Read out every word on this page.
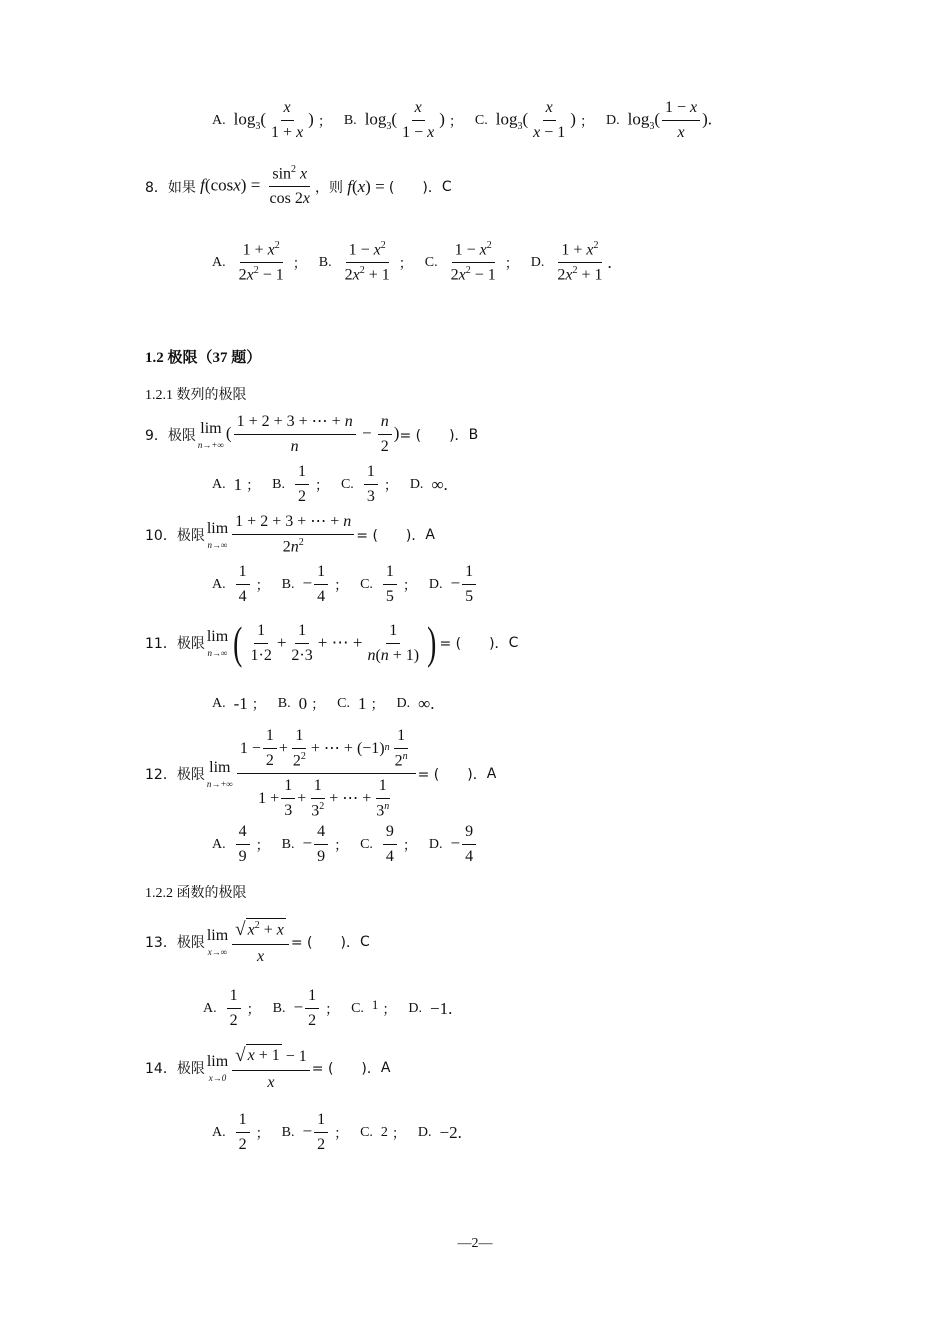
A. $\log_3( \frac{x}{1 + x}$ ) ； B. $\log_3( \frac{x}{1 - x}$ ) ； C. $\log_3( \frac{x}{x - 1}$ ) ； D. $\log_3( \frac{1 - x}{x}$ ).
8． 如果 $f(\cos x) = \frac{\sin^2 x}{\cos 2x}$ ，则 f(x) = (　　)． C
A.
$1 + x^2$
$2x^2 - 1$
； B.
$1 - x^2$
$2x^2 + 1$
； C.
$1 - x^2$
$2x^2 - 1$
； D.
$1 + x^2$
$2x^2 + 1$
.
1.2 极限（37 题）
1.2.1 数列的极限
9． 极限 lim
n→+∞
( $\frac{1 + 2 + 3 + \cdots + n}{n} - \frac{n}{2}$ ) = (　　)． B
A. 1 ； B.
1
2
； C.
1
3
； D. ∞.
10． 极限 lim
$n\to\infty \frac{1 + 2 + 3 + \cdots + n}{2n^2}$ = (　　)． A
A.
1
4
； B. − $\frac{1}{4}$ ； C.
1
5
； D. − $\frac{1}{5}$
11． 极限 lim
n→∞ ( 1
1·2
+
1
2·3
+ ⋯ +
1
n(n + 1) ) = (　　)． C
A. -1 ； B. 0 ； C. 1 ； D. ∞.
12． 极限 lim
n→+∞ 1 −
1
2
+
1
$2^2$ + ⋯ + (−1) n
1
2$^n$
1 +
1
3
+
1
$3^2$ + ⋯ +
1
$3^n$ = (　　)． A
A.
4
9
； B. − $\frac{4}{9}$ ； C.
9
4
； D. − $\frac{9}{4}$
1.2.2 函数的极限
13． 极限 lim
$x\to\infty \frac{√ x^2 + x}{x}$ = (　　)． C
A.
1
2
； B. − $\frac{1}{2}$ ； C. 1 ； D. −1.
14． 极限 lim
$x\to 0 \frac{√ x + 1 - 1}{x}$ = (　　)． A
A.
1
2
； B. − $\frac{1}{2}$ ； C. 2 ； D. −2.
—2—
